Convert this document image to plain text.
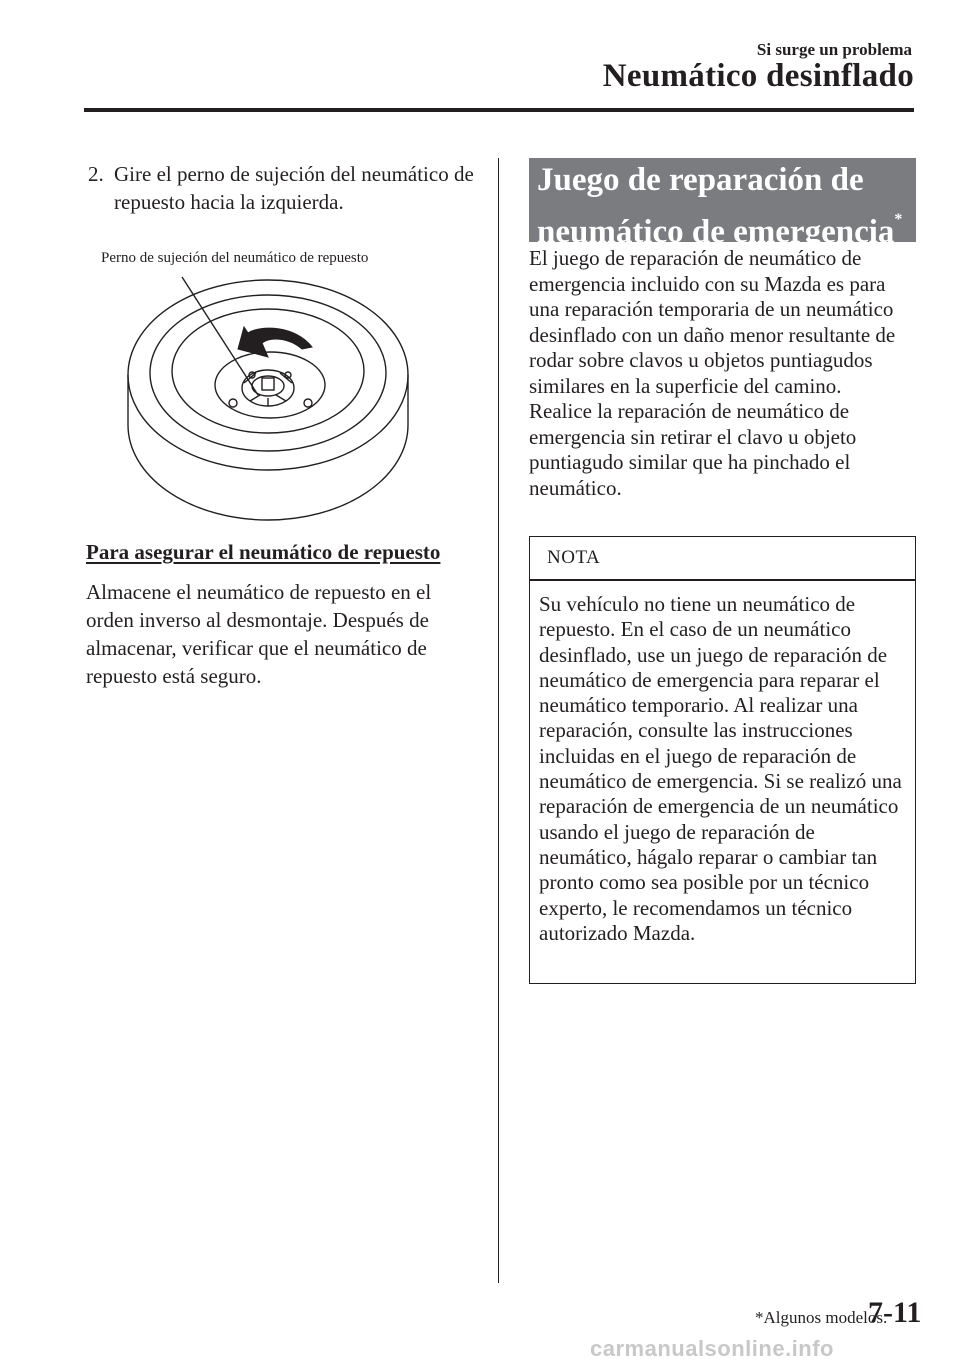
Si surge un problema
Neumático desinflado
2. Gire el perno de sujeción del neumático de repuesto hacia la izquierda.
Perno de sujeción del neumático de repuesto
Para asegurar el neumático de repuesto

Almacene el neumático de repuesto en el orden inverso al desmontaje. Después de almacenar, verificar que el neumático de repuesto está seguro.

Juego de reparación de
neumático de emergencia*
El juego de reparación de neumático de emergencia incluido con su Mazda es para una reparación temporaria de un neumático desinflado con un daño menor resultante de rodar sobre clavos u objetos puntiagudos similares en la superficie del camino.
Realice la reparación de neumático de emergencia sin retirar el clavo u objeto puntiagudo similar que ha pinchado el neumático.
NOTA

Su vehículo no tiene un neumático de repuesto. En el caso de un neumático desinflado, use un juego de reparación de neumático de emergencia para reparar el neumático temporario. Al realizar una reparación, consulte las instrucciones incluidas en el juego de reparación de neumático de emergencia. Si se realizó una reparación de emergencia de un neumático usando el juego de reparación de neumático, hágalo reparar o cambiar tan pronto como sea posible por un técnico experto, le recomendamos un técnico autorizado Mazda.

*Algunos modelos.
7-11
carmanualsonline.info
